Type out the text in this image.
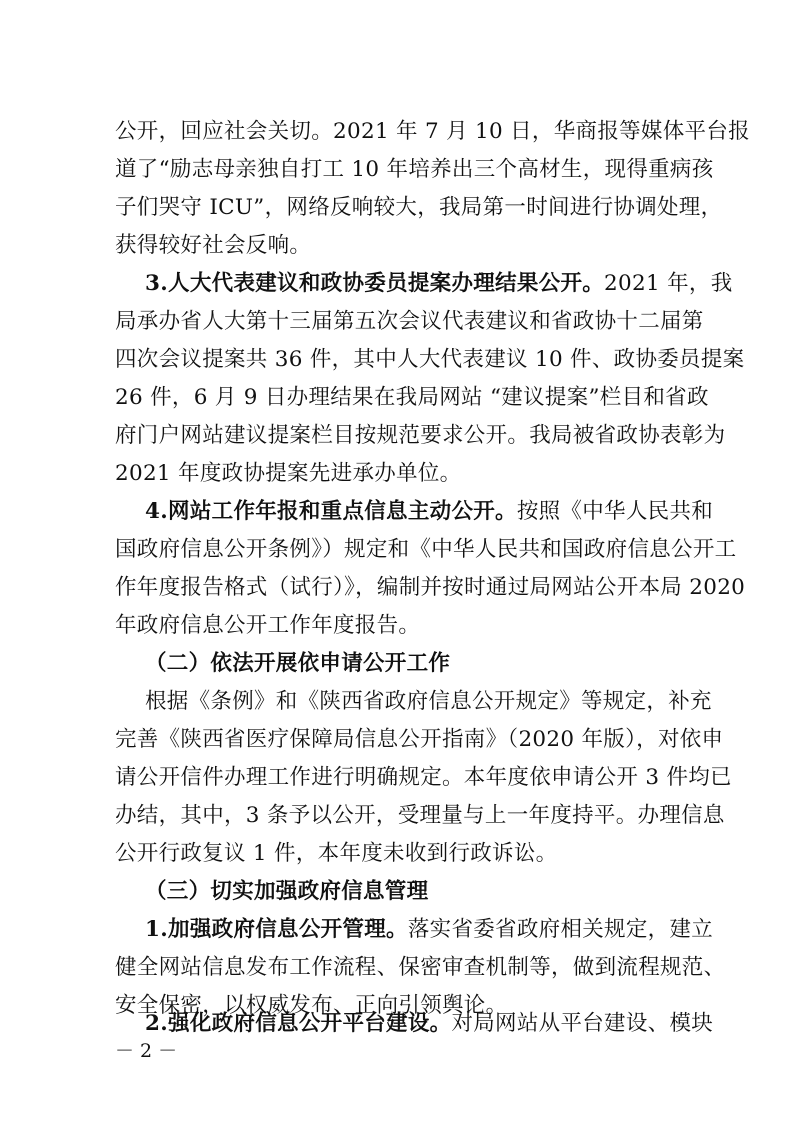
公开，回应社会关切。2021 年 7 月 10 日，华商报等媒体平台报
道了“励志母亲独自打工 10 年培养出三个高材生，现得重病孩
子们哭守 ICU”，网络反响较大，我局第一时间进行协调处理，
获得较好社会反响。
3.人大代表建议和政协委员提案办理结果公开。2021 年，我
局承办省人大第十三届第五次会议代表建议和省政协十二届第
四次会议提案共 36 件，其中人大代表建议 10 件、政协委员提案
26 件，6 月 9 日办理结果在我局网站 “建议提案”栏目和省政
府门户网站建议提案栏目按规范要求公开。我局被省政协表彰为
2021 年度政协提案先进承办单位。
4.网站工作年报和重点信息主动公开。按照《中华人民共和
国政府信息公开条例》）规定和《中华人民共和国政府信息公开工
作年度报告格式（试行）》，编制并按时通过局网站公开本局 2020
年政府信息公开工作年度报告。
（二）依法开展依申请公开工作
根据《条例》和《陕西省政府信息公开规定》等规定，补充
完善《陕西省医疗保障局信息公开指南》（2020 年版），对依申
请公开信件办理工作进行明确规定。本年度依申请公开 3 件均已
办结，其中，3 条予以公开，受理量与上一年度持平。办理信息
公开行政复议 1 件，本年度未收到行政诉讼。
（三）切实加强政府信息管理
1.加强政府信息公开管理。落实省委省政府相关规定，建立
健全网站信息发布工作流程、保密审查机制等，做到流程规范、
安全保密，以权威发布、正向引领舆论。
2.强化政府信息公开平台建设。对局网站从平台建设、模块
－ 2 －
